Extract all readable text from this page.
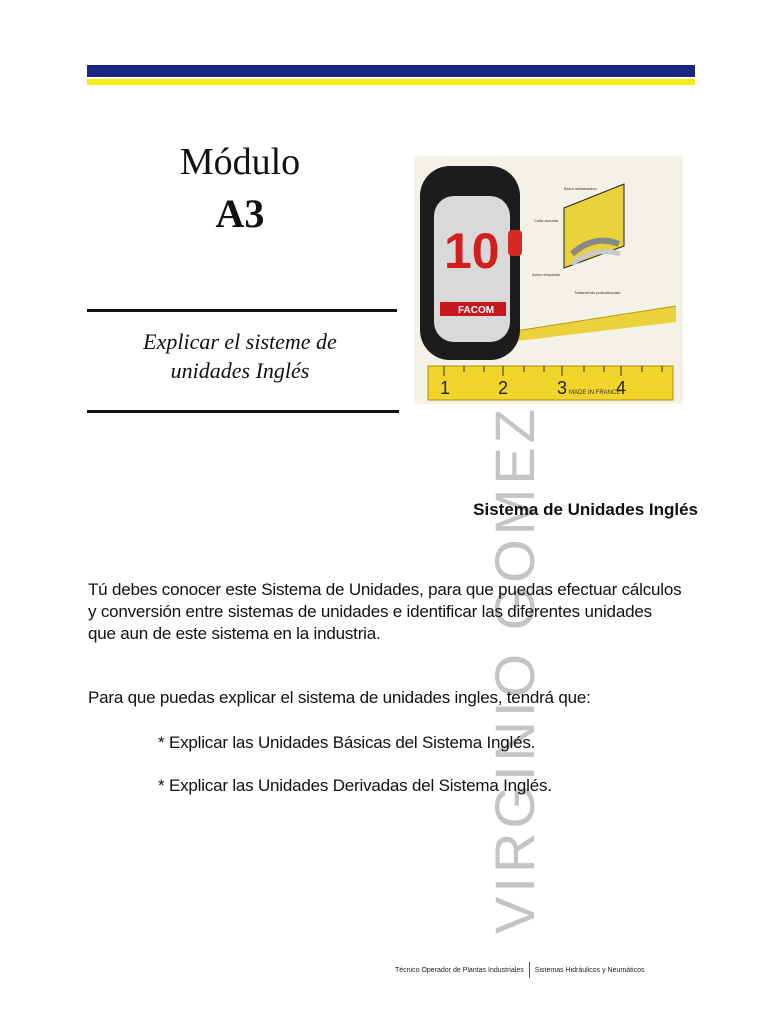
Módulo
A3
Explicar el sisteme de
unidades Inglés
1	2	3	4
MADE IN FRANCE
10
FACOM
Barra antiabrasión
Cinta armada
Acero templado
Tratamiento policarbonato
VIRGINIO GOMEZ
Sistema de Unidades Inglés
Tú debes conocer este Sistema de Unidades, para que puedas efectuar cálculos
y conversión entre sistemas de unidades e identificar las diferentes unidades
que aun de este sistema en la industria.
Para que puedas explicar el sistema de unidades ingles, tendrá que:
* Explicar las Unidades Básicas del Sistema Inglés.
* Explicar las Unidades Derivadas del Sistema Inglés.
Técnico Operador de Plantas Industriales Sistemas Hidráulicos y Neumáticos
